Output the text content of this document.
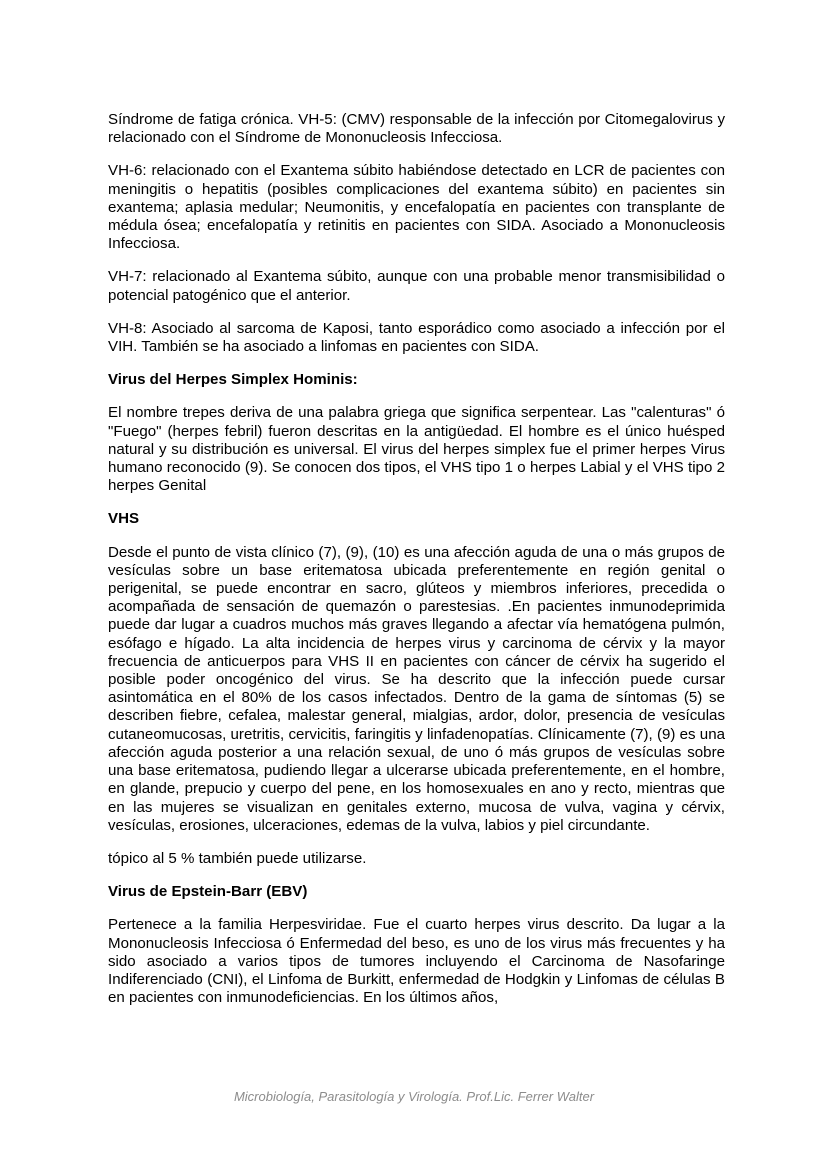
Síndrome de fatiga crónica. VH-5: (CMV) responsable de la infección por Citomegalovirus y relacionado con el Síndrome de Mononucleosis Infecciosa.

VH-6: relacionado con el Exantema súbito habiéndose detectado en LCR de pacientes con meningitis o hepatitis (posibles complicaciones del exantema súbito) en pacientes sin exantema; aplasia medular; Neumonitis, y encefalopatía en pacientes con transplante de médula ósea; encefalopatía y retinitis en pacientes con SIDA. Asociado a Mononucleosis Infecciosa.

VH-7: relacionado al Exantema súbito, aunque con una probable menor transmisibilidad o potencial patogénico que el anterior.

VH-8: Asociado al sarcoma de Kaposi, tanto esporádico como asociado a infección por el VIH. También se ha asociado a linfomas en pacientes con SIDA.

Virus del Herpes Simplex Hominis:

El nombre trepes deriva de una palabra griega que significa serpentear. Las "calenturas" ó "Fuego" (herpes febril) fueron descritas en la antigüedad. El hombre es el único huésped natural y su distribución es universal. El virus del herpes simplex fue el primer herpes Virus humano reconocido (9). Se conocen dos tipos, el VHS tipo 1 o herpes Labial y el VHS tipo 2 herpes Genital

VHS

Desde el punto de vista clínico (7), (9), (10) es una afección aguda de una o más grupos de vesículas sobre un base eritematosa ubicada preferentemente en región genital o perigenital, se puede encontrar en sacro, glúteos y miembros inferiores, precedida o acompañada de sensación de quemazón o parestesias. .En pacientes inmunodeprimida puede dar lugar a cuadros muchos más graves llegando a afectar vía hematógena pulmón, esófago e hígado. La alta incidencia de herpes virus y carcinoma de cérvix y la mayor frecuencia de anticuerpos para VHS II en pacientes con cáncer de cérvix ha sugerido el posible poder oncogénico del virus. Se ha descrito que la infección puede cursar asintomática en el 80% de los casos infectados. Dentro de la gama de síntomas (5) se describen fiebre, cefalea, malestar general, mialgias, ardor, dolor, presencia de vesículas cutaneomucosas, uretritis, cervicitis, faringitis y linfadenopatías. Clínicamente (7), (9) es una afección aguda posterior a una relación sexual, de uno ó más grupos de vesículas sobre una base eritematosa, pudiendo llegar a ulcerarse ubicada preferentemente, en el hombre, en glande, prepucio y cuerpo del pene, en los homosexuales en ano y recto, mientras que en las mujeres se visualizan en genitales externo, mucosa de vulva, vagina y cérvix, vesículas, erosiones, ulceraciones, edemas de la vulva, labios y piel circundante.

tópico al 5 % también puede utilizarse.

Virus de Epstein-Barr (EBV)

Pertenece a la familia Herpesviridae. Fue el cuarto herpes virus descrito. Da lugar a la Mononucleosis Infecciosa ó Enfermedad del beso, es uno de los virus más frecuentes y ha sido asociado a varios tipos de tumores incluyendo el Carcinoma de Nasofaringe Indiferenciado (CNI), el Linfoma de Burkitt, enfermedad de Hodgkin y Linfomas de células B en pacientes con inmunodeficiencias. En los últimos años,

Microbiología, Parasitología y Virología. Prof.Lic. Ferrer Walter
